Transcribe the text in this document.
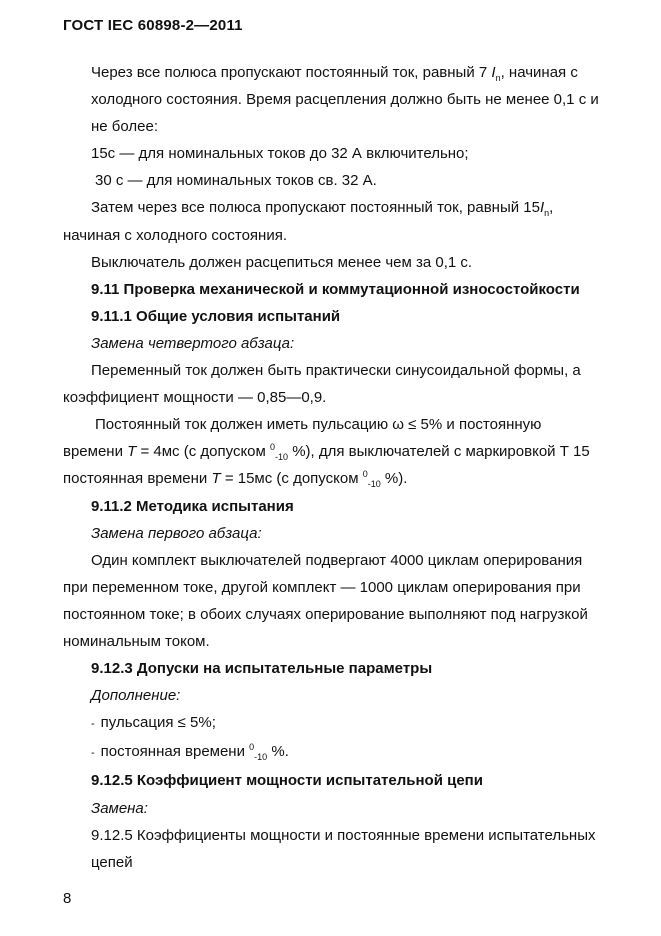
ГОСТ IEC 60898-2—2011
Через все полюса пропускают постоянный ток, равный 7 $I_n$, начиная с
холодного состояния. Время расцепления должно быть не менее 0,1 с и
не более:
15с — для номинальных токов до 32 А включительно;
30 с — для номинальных токов св. 32 А.
Затем через все полюса пропускают постоянный ток, равный $15I_n$,
начиная с холодного состояния.
Выключатель должен расцепиться менее чем за 0,1 с.
9.11 Проверка механической и коммутационной износостойкости
9.11.1 Общие условия испытаний
Замена четвертого абзаца:
Переменный ток должен быть практически синусоидальной формы, а
коэффициент мощности — 0,85—0,9.
Постоянный ток должен иметь пульсацию ω ≤ 5% и постоянную
времени T = 4мс (с допуском $^0_{-10}$ %), для выключателей с маркировкой Т 15
постоянная времени T = 15мс (с допуском $^0_{-10}$ %).
9.11.2 Методика испытания
Замена первого абзаца:
Один комплект выключателей подвергают 4000 циклам оперирования
при переменном токе, другой комплект — 1000 циклам оперирования при
постоянном токе; в обоих случаях оперирование выполняют под нагрузкой
номинальным током.
9.12.3 Допуски на испытательные параметры
Дополнение:
- пульсация ≤ 5%;
- постоянная времени $^0_{-10}$ %.
9.12.5 Коэффициент мощности испытательной цепи
Замена:
9.12.5 Коэффициенты мощности и постоянные времени испытательных
цепей
8
